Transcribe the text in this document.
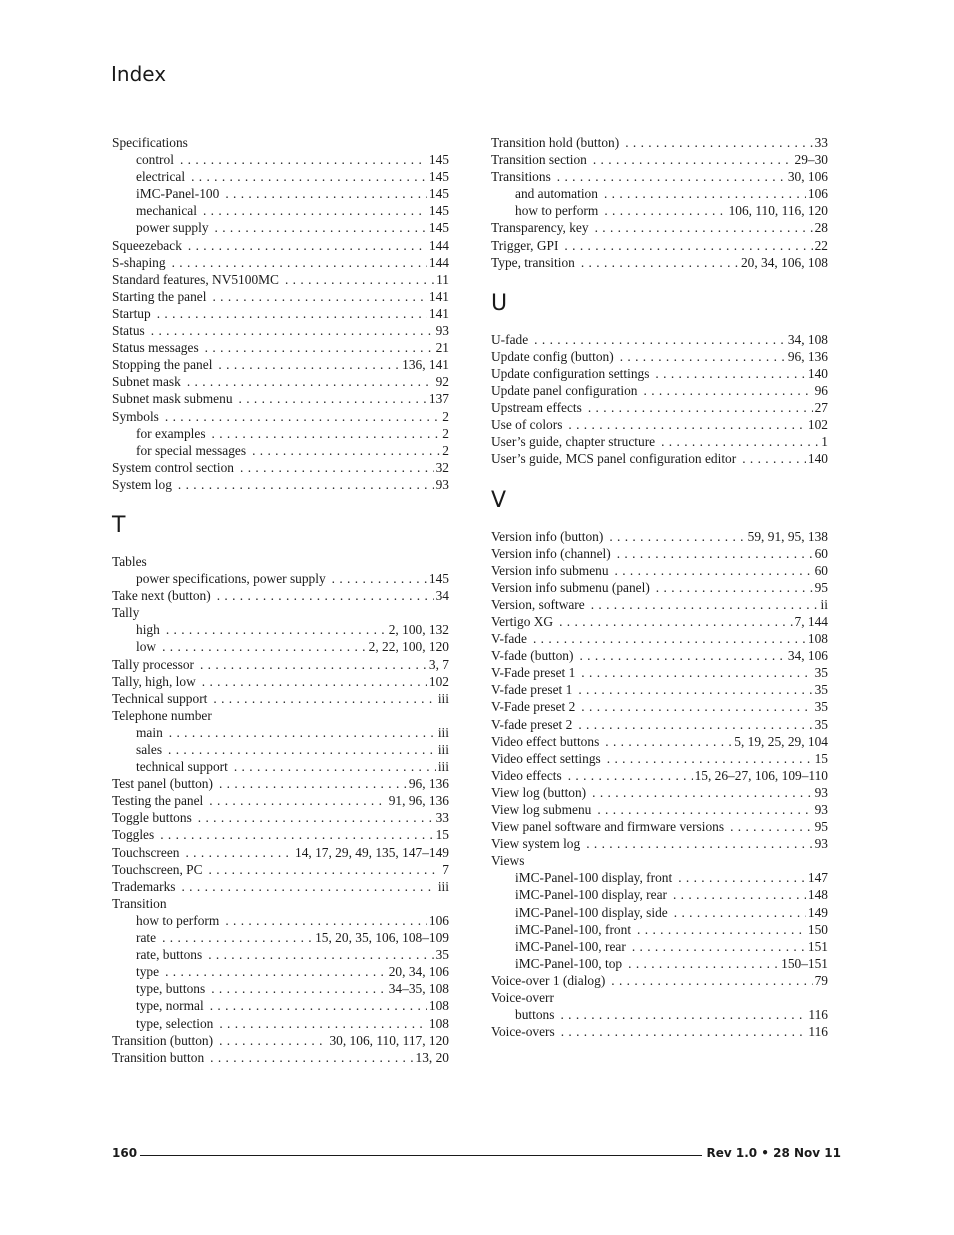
Index
Specifications
control . . .	145
electrical . . .	145
iMC-Panel-100 . . .	145
mechanical . . .	145
power supply . . .	145
Squeezeback . . .	144
S-shaping . . .	144
Standard features, NV5100MC . . .	11
Starting the panel . . .	141
Startup . . .	141
Status . . .	93
Status messages . . .	21
Stopping the panel . . .	136, 141
Subnet mask . . .	92
Subnet mask submenu . . .	137
Symbols . . .	2
for examples . . .	2
for special messages . . .	2
System control section . . .	32
System log . . .	93
T
Tables
power specifications, power supply . . .	145
Take next (button) . . .	34
Tally
high . . .	2, 100, 132
low . . .	2, 22, 100, 120
Tally processor . . .	3, 7
Tally, high, low . . .	102
Technical support . . .	iii
Telephone number
main . . .	iii
sales . . .	iii
technical support . . .	iii
Test panel (button) . . .	96, 136
Testing the panel . . .	91, 96, 136
Toggle buttons . . .	33
Toggles . . .	15
Touchscreen . . .	14, 17, 29, 49, 135, 147–149
Touchscreen, PC . . .	7
Trademarks . . .	iii
Transition
how to perform . . .	106
rate . . .	15, 20, 35, 106, 108–109
rate, buttons . . .	35
type . . .	20, 34, 106
type, buttons . . .	34–35, 108
type, normal . . .	108
type, selection . . .	108
Transition (button) . . .	30, 106, 110, 117, 120
Transition button . . .	13, 20
Transition hold (button) . . .	33
Transition section . . .	29–30
Transitions . . .	30, 106
and automation . . .	106
how to perform . . .	106, 110, 116, 120
Transparency, key . . .	28
Trigger, GPI . . .	22
Type, transition . . .	20, 34, 106, 108
U
U-fade . . .	34, 108
Update config (button) . . .	96, 136
Update configuration settings . . .	140
Update panel configuration . . .	96
Upstream effects . . .	27
Use of colors . . .	102
User’s guide, chapter structure . . .	1
User’s guide, MCS panel configuration editor . . .	140
V
Version info (button) . . .	59, 91, 95, 138
Version info (channel) . . .	60
Version info submenu . . .	60
Version info submenu (panel) . . .	95
Version, software . . .	ii
Vertigo XG . . .	7, 144
V-fade . . .	108
V-fade (button) . . .	34, 106
V-Fade preset 1 . . .	35
V-fade preset 1 . . .	35
V-Fade preset 2 . . .	35
V-fade preset 2 . . .	35
Video effect buttons . . .	5, 19, 25, 29, 104
Video effect settings . . .	15
Video effects . . .	15, 26–27, 106, 109–110
View log (button) . . .	93
View log submenu . . .	93
View panel software and firmware versions . . .	95
View system log . . .	93
Views
iMC-Panel-100 display, front . . .	147
iMC-Panel-100 display, rear . . .	148
iMC-Panel-100 display, side . . .	149
iMC-Panel-100, front . . .	150
iMC-Panel-100, rear . . .	151
iMC-Panel-100, top . . .	150–151
Voice-over 1 (dialog) . . .	79
Voice-overr
buttons . . .	116
Voice-overs . . .	116
160	Rev 1.0 • 28 Nov 11
